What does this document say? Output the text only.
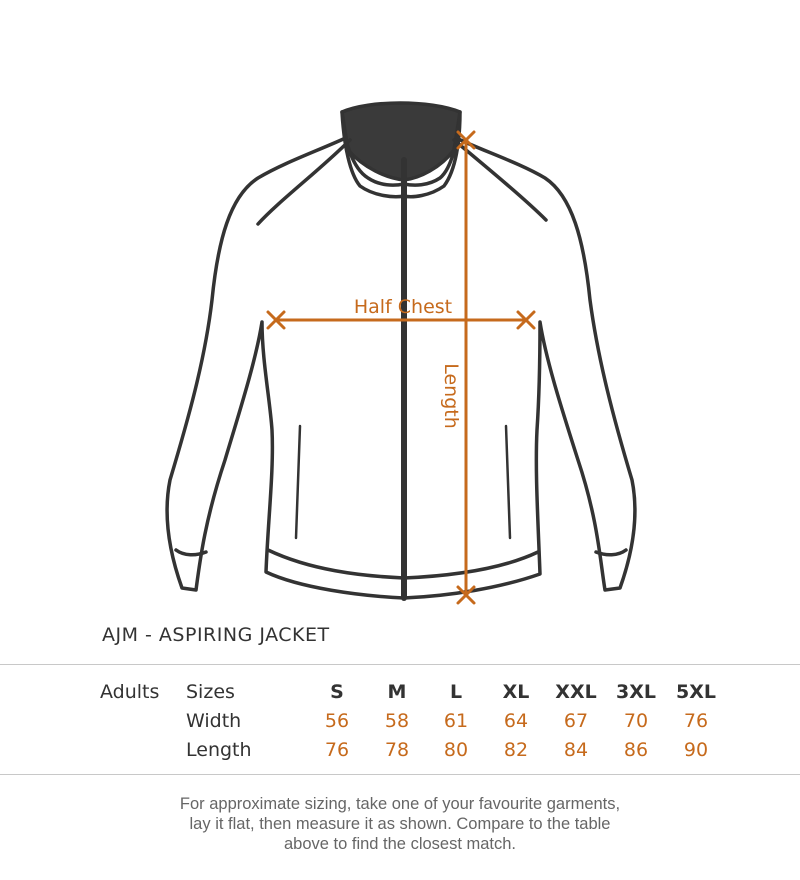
Half Chest
Length
AJM - ASPIRING JACKET
Adults Sizes
Width
Length
S M L XL XXL 3XL 5XL
56 58 61 64 67 70 76
76 78 80 82 84 86 90
For approximate sizing, take one of your favourite garments,
lay it flat, then measure it as shown. Compare to the table
above to find the closest match.
